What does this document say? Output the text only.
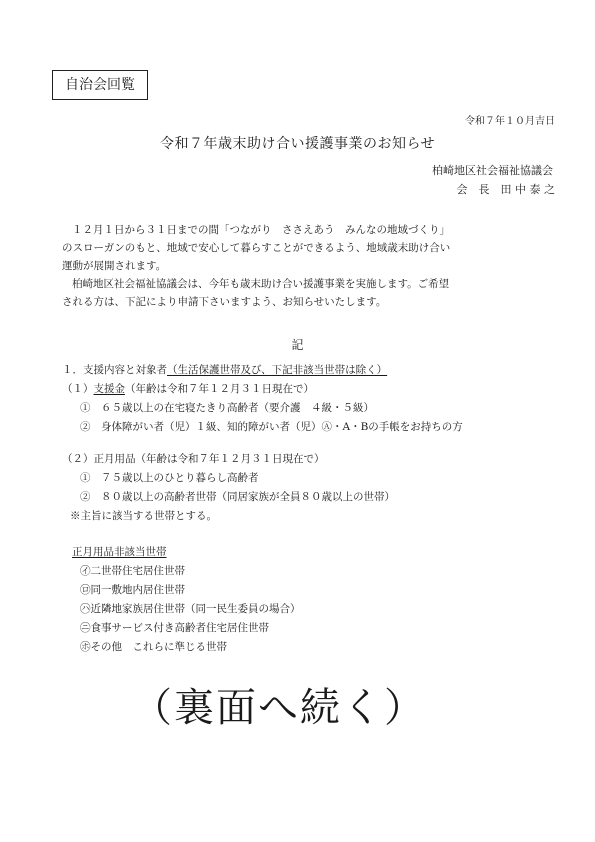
自治会回覧
令和７年１０月吉日
令和７年歳末助け合い援護事業のお知らせ
柏崎地区社会福祉協議会
会　長　田 中 泰 之
１２月１日から３１日までの間「つながり　ささえあう　みんなの地域づくり」
のスローガンのもと、地域で安心して暮らすことができるよう、地域歳末助け合い
運動が展開されます。
柏崎地区社会福祉協議会は、今年も歳末助け合い援護事業を実施します。ご希望
される方は、下記により申請下さいますよう、お知らせいたします。
記
１．支援内容と対象者（生活保護世帯及び、下記非該当世帯は除く）
（１）支援金（年齢は令和７年１２月３１日現在で）
①　６５歳以上の在宅寝たきり高齢者（要介護　４級・５級）
②　身体障がい者（児）１級、知的障がい者（児）Ⓐ・A・Bの手帳をお持ちの方
（２）正月用品（年齢は令和７年１２月３１日現在で）
①　７５歳以上のひとり暮らし高齢者
②　８０歳以上の高齢者世帯（同居家族が全員８０歳以上の世帯）
※主旨に該当する世帯とする。
正月用品非該当世帯
㋑二世帯住宅居住世帯
㋺同一敷地内居住世帯
㋩近隣地家族居住世帯（同一民生委員の場合）
㋥食事サービス付き高齢者住宅居住世帯
㋭その他　これらに準じる世帯
（裏面へ続く）
